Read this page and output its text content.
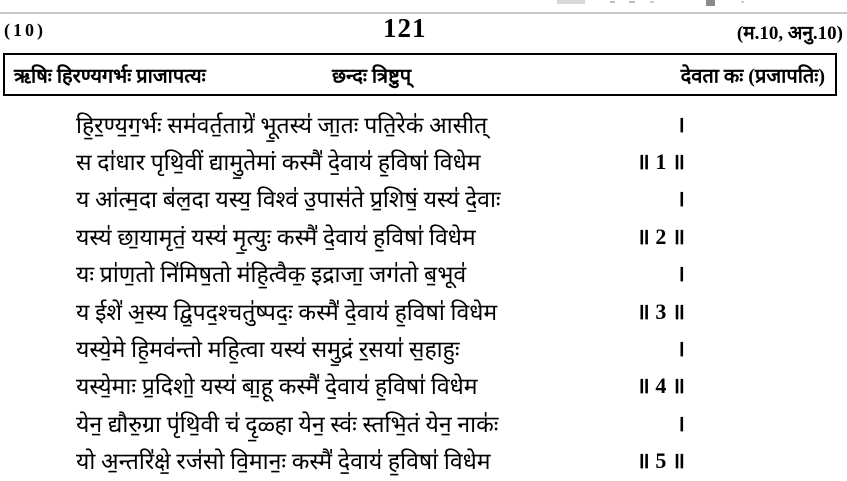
(10)	121	(म.10, अनु.10)
ऋषिः हिरण्यगर्भः प्राजापत्यः	छन्दः त्रिष्टुप्	देवता कः (प्रजापतिः)
हि॒र॒ण्य॒ग॒र्भः सम॑वर्त॒ताग्रे॑ भू॒तस्य॑ जा॒तः पति॒रेक॑ आसीत्	।
स दा॑धार पृथि॒वीं द्यामु॒तेमां कस्मै॑ दे॒वाय॑ ह॒विषा॑ विधेम	॥ 1 ॥
य आ॑त्म॒दा ब॑ल॒दा यस्य॒ विश्व॑ उ॒पास॑ते प्र॒शिषं॒ यस्य॑ दे॒वाः	।
यस्य॑ छा॒यामृतं॒ यस्य॑ मृ॒त्युः कस्मै॑ दे॒वाय॑ ह॒विषा॑ विधेम	॥ 2 ॥
यः प्रा॑ण॒तो नि॑मिष॒तो म॑हि॒त्वैक॒ इद्राजा॒ जग॑तो ब॒भूव॑	।
य ईशे॑ अ॒स्य द्वि॒पद॒श्चतु॑ष्पदः॒ कस्मै॑ दे॒वाय॑ ह॒विषा॑ विधेम	॥ 3 ॥
यस्ये॒मे हि॒मव॑न्तो महि॒त्वा यस्य॑ समु॒द्रं र॒सया॑ स॒हाहुः	।
यस्ये॒माः प्र॒दिशो॒ यस्य॑ बा॒हू कस्मै॑ दे॒वाय॑ ह॒विषा॑ विधेम	॥ 4 ॥
येन॒ द्यौरु॒ग्रा पृ॑थि॒वी च॑ दृ॒ळ्हा येन॒ स्वः॑ स्तभि॒तं येन॒ नाकः॑	।
यो अ॒न्तरि॑क्षे॒ रज॑सो वि॒मानः॒ कस्मै॑ दे॒वाय॑ ह॒विषा॑ विधेम	॥ 5 ॥
